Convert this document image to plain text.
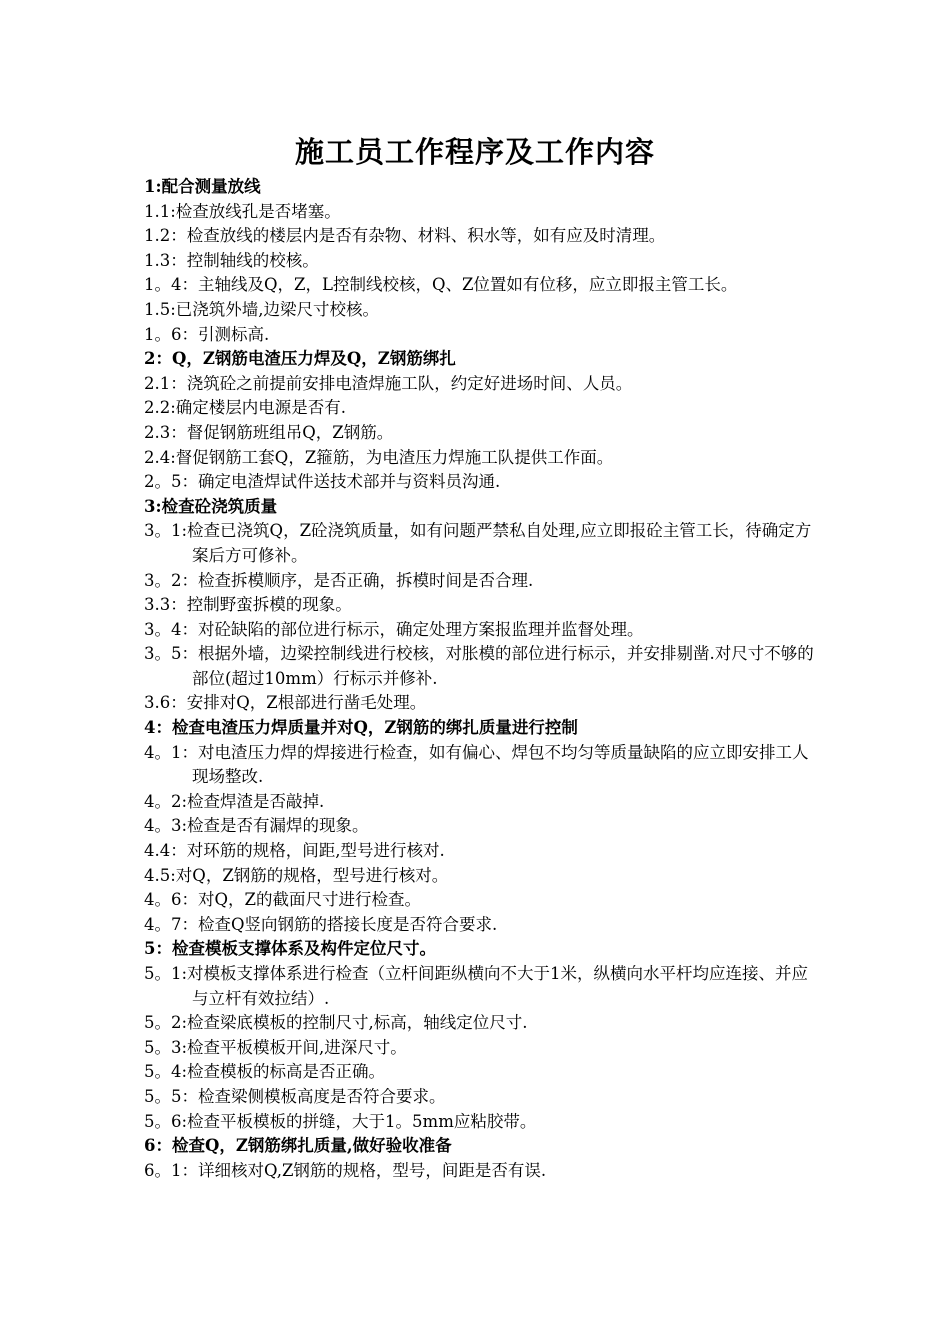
施工员工作程序及工作内容
1:配合测量放线
1.1:检查放线孔是否堵塞。
1.2：检查放线的楼层内是否有杂物、材料、积水等，如有应及时清理。
1.3：控制轴线的校核。
1。4：主轴线及Q，Z，L控制线校核，Q、Z位置如有位移，应立即报主管工长。
1.5:已浇筑外墙,边梁尺寸校核。
1。6：引测标高.
2：Q，Z钢筋电渣压力焊及Q，Z钢筋绑扎
2.1：浇筑砼之前提前安排电渣焊施工队，约定好进场时间、人员。
2.2:确定楼层内电源是否有.
2.3：督促钢筋班组吊Q，Z钢筋。
2.4:督促钢筋工套Q，Z箍筋，为电渣压力焊施工队提供工作面。
2。5：确定电渣焊试件送技术部并与资料员沟通.
3:检查砼浇筑质量
3。1:检查已浇筑Q，Z砼浇筑质量，如有问题严禁私自处理,应立即报砼主管工长，待确定方案后方可修补。
3。2：检查拆模顺序，是否正确，拆模时间是否合理.
3.3：控制野蛮拆模的现象。
3。4：对砼缺陷的部位进行标示，确定处理方案报监理并监督处理。
3。5：根据外墙，边梁控制线进行校核，对胀模的部位进行标示，并安排剔凿.对尺寸不够的部位(超过10mm）行标示并修补.
3.6：安排对Q，Z根部进行凿毛处理。
4：检查电渣压力焊质量并对Q，Z钢筋的绑扎质量进行控制
4。1：对电渣压力焊的焊接进行检查，如有偏心、焊包不均匀等质量缺陷的应立即安排工人现场整改.
4。2:检查焊渣是否敲掉.
4。3:检查是否有漏焊的现象。
4.4：对环筋的规格，间距,型号进行核对.
4.5:对Q，Z钢筋的规格，型号进行核对。
4。6：对Q，Z的截面尺寸进行检查。
4。7：检查Q竖向钢筋的搭接长度是否符合要求.
5：检查模板支撑体系及构件定位尺寸。
5。1:对模板支撑体系进行检查（立杆间距纵横向不大于1米，纵横向水平杆均应连接、并应与立杆有效拉结）.
5。2:检查梁底模板的控制尺寸,标高，轴线定位尺寸.
5。3:检查平板模板开间,进深尺寸。
5。4:检查模板的标高是否正确。
5。5：检查梁侧模板高度是否符合要求。
5。6:检查平板模板的拼缝，大于1。5mm应粘胶带。
6：检查Q，Z钢筋绑扎质量,做好验收准备
6。1：详细核对Q,Z钢筋的规格，型号，间距是否有误.
